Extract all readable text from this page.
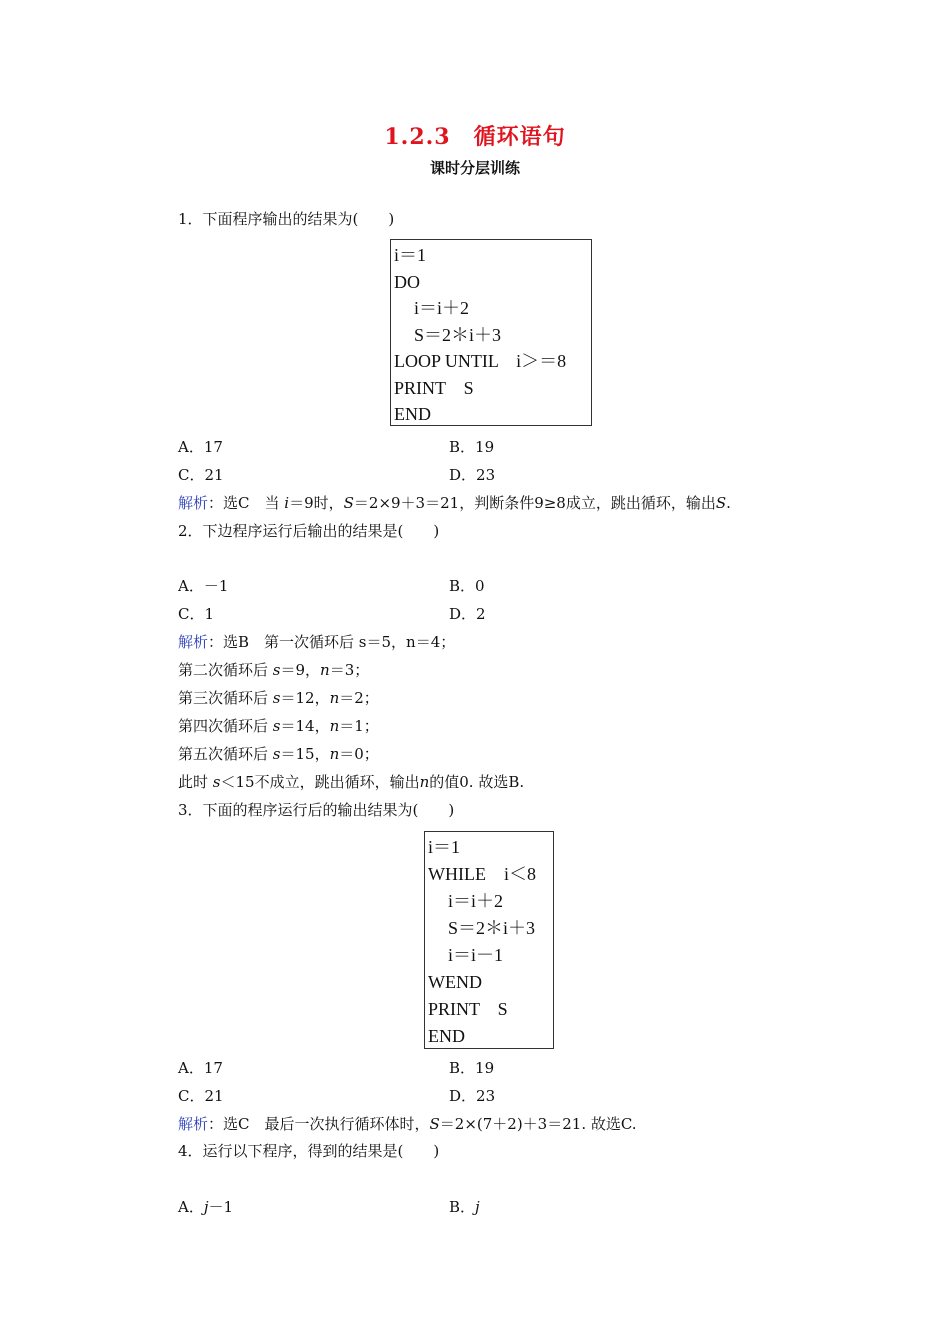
1.2.3　循环语句
课时分层训练
1．下面程序输出的结果为(　　)
i＝1
DO
i＝i＋2
S＝2＊i＋3
LOOP UNTIL　i＞＝8
PRINT　S
END
A．17	B．19
C．21	D．23
解析：选C　当 i＝9时，S＝2×9＋3＝21，判断条件9≥8成立，跳出循环，输出S.
2．下边程序运行后输出的结果是(　　)
A．－1	B．0
C．1	D．2
解析：选B　第一次循环后 s＝5，n＝4；
第二次循环后 s＝9，n＝3；
第三次循环后 s＝12，n＝2；
第四次循环后 s＝14，n＝1；
第五次循环后 s＝15，n＝0；
此时 s＜15不成立，跳出循环，输出n的值0. 故选B.
3．下面的程序运行后的输出结果为(　　)
i＝1
WHILE　i＜8
i＝i＋2
S＝2＊i＋3
i＝i－1
WEND
PRINT　S
END
A．17	B．19
C．21	D．23
解析：选C　最后一次执行循环体时，S＝2×(7＋2)＋3＝21. 故选C.
4．运行以下程序，得到的结果是(　　)
A．j－1	B．j
